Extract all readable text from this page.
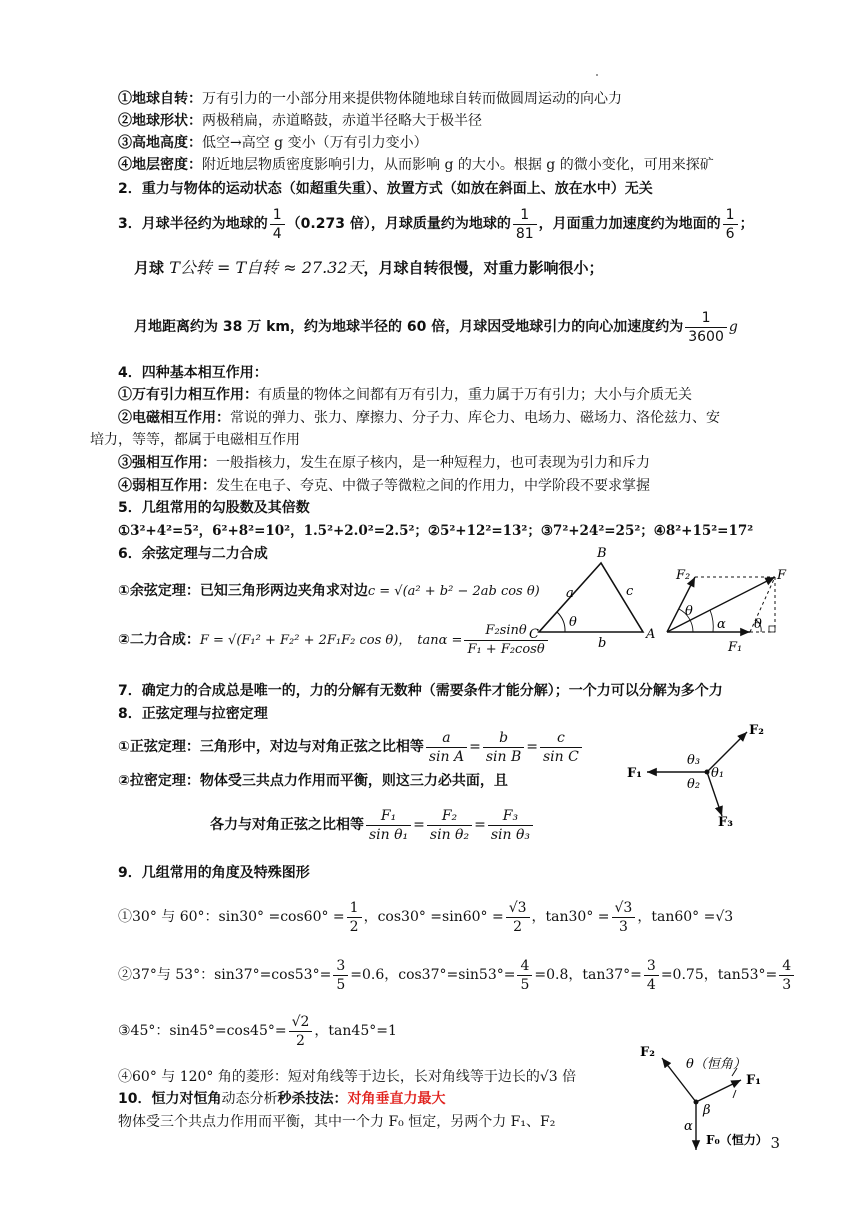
①地球自转：万有引力的一小部分用来提供物体随地球自转而做圆周运动的向心力
②地球形状：两极稍扁，赤道略鼓，赤道半径略大于极半径
③高地高度：低空→高空 g 变小（万有引力变小）
④地层密度：附近地层物质密度影响引力，从而影响 g 的大小。根据 g 的微小变化，可用来探矿
2．重力与物体的运动状态（如超重失重）、放置方式（如放在斜面上、放在水中）无关
3．月球半径约为地球的 $\frac{1}{4} (0.273$ 倍），月球质量约为地球的 $\frac{1}{81}$ ，月面重力加速度约为地面的 $\frac{1}{6}$ ；
月球 T公转 = T自转 ≈ 27.32天，月球自转很慢，对重力影响很小；
月地距离约为 38 万 km，约为地球半径的 60 倍，月球因受地球引力的向心加速度约为 $\frac{1}{3600}$ g
4．四种基本相互作用：
①万有引力相互作用：有质量的物体之间都有万有引力，重力属于万有引力；大小与介质无关
②电磁相互作用：常说的弹力、张力、摩擦力、分子力、库仑力、电场力、磁场力、洛伦兹力、安
培力，等等，都属于电磁相互作用
③强相互作用：一般指核力，发生在原子核内，是一种短程力，也可表现为引力和斥力
④弱相互作用：发生在电子、夸克、中微子等微粒之间的作用力，中学阶段不要求掌握
5．几组常用的勾股数及其倍数
①3²+4²=5²，6²+8²=10²，1.5²+2.0²=2.5²；②5²+12²=13²；③7²+24²=25²；④8²+15²=17²
6．余弦定理与二力合成
①余弦定理：已知三角形两边夹角求对边c = √(a² + b² − 2ab cos θ)
②二力合成：F = √(F₁² + F₂² + 2F₁F₂ cos θ)， $\tan\alpha = \frac{\text{F₂sinθ}}{\text{F₁ + F₂cosθ}}$
B
C	A
a	c
b
θ
F₂	F
F₁
θ
α θ
7．确定力的合成总是唯一的，力的分解有无数种（需要条件才能分解）；一个力可以分解为多个力
8．正弦定理与拉密定理
①正弦定理：三角形中，对边与对角正弦之比相等 $\frac{a}{\text{sin A}} = \frac{b}{\text{sin B}} = \frac{c}{\text{sin C}}$
②拉密定理：物体受三共点力作用而平衡，则这三力必共面，且
各力与对角正弦之比相等 $\frac{\text{F₁}}{\text{sin θ₁}} = \frac{\text{F₂}}{\text{sin θ₂}} = \frac{\text{F₃}}{\text{sin θ₃}}$
F₂
F₁
F₃
θ₃
θ₁
θ₂
9．几组常用的角度及特殊图形
①30° 与 60°：$\sin 30^\circ =\cos 60^\circ = \frac{1}{2}$ ，$\cos 30^\circ =\sin 60^\circ = \frac{√3}{2}$ ，$\tan 30^\circ = \frac{√3}{3}$ ，tan60° =√3
②37°与 53°：$\sin 37^\circ=\cos 53^\circ= \frac{3}{5} =0.6$，$\cos 37^\circ=\sin 53^\circ= \frac{4}{5} =0.8$，$\tan 37^\circ= \frac{3}{4} =0.75$，$\tan 53^\circ= \frac{4}{3}$
③45°：$\sin 45^\circ=\cos 45^\circ= \frac{√2}{2}$ ，tan45°=1
④60° 与 120° 角的菱形：短对角线等于边长，长对角线等于边长的√3 倍
10．恒力对恒角动态分析秒杀技法：对角垂直力最大
物体受三个共点力作用而平衡，其中一个力 F₀ 恒定，另两个力 F₁、F₂
F₂
F₁
θ（恒角）
α
β
F₀（恒力） 3
